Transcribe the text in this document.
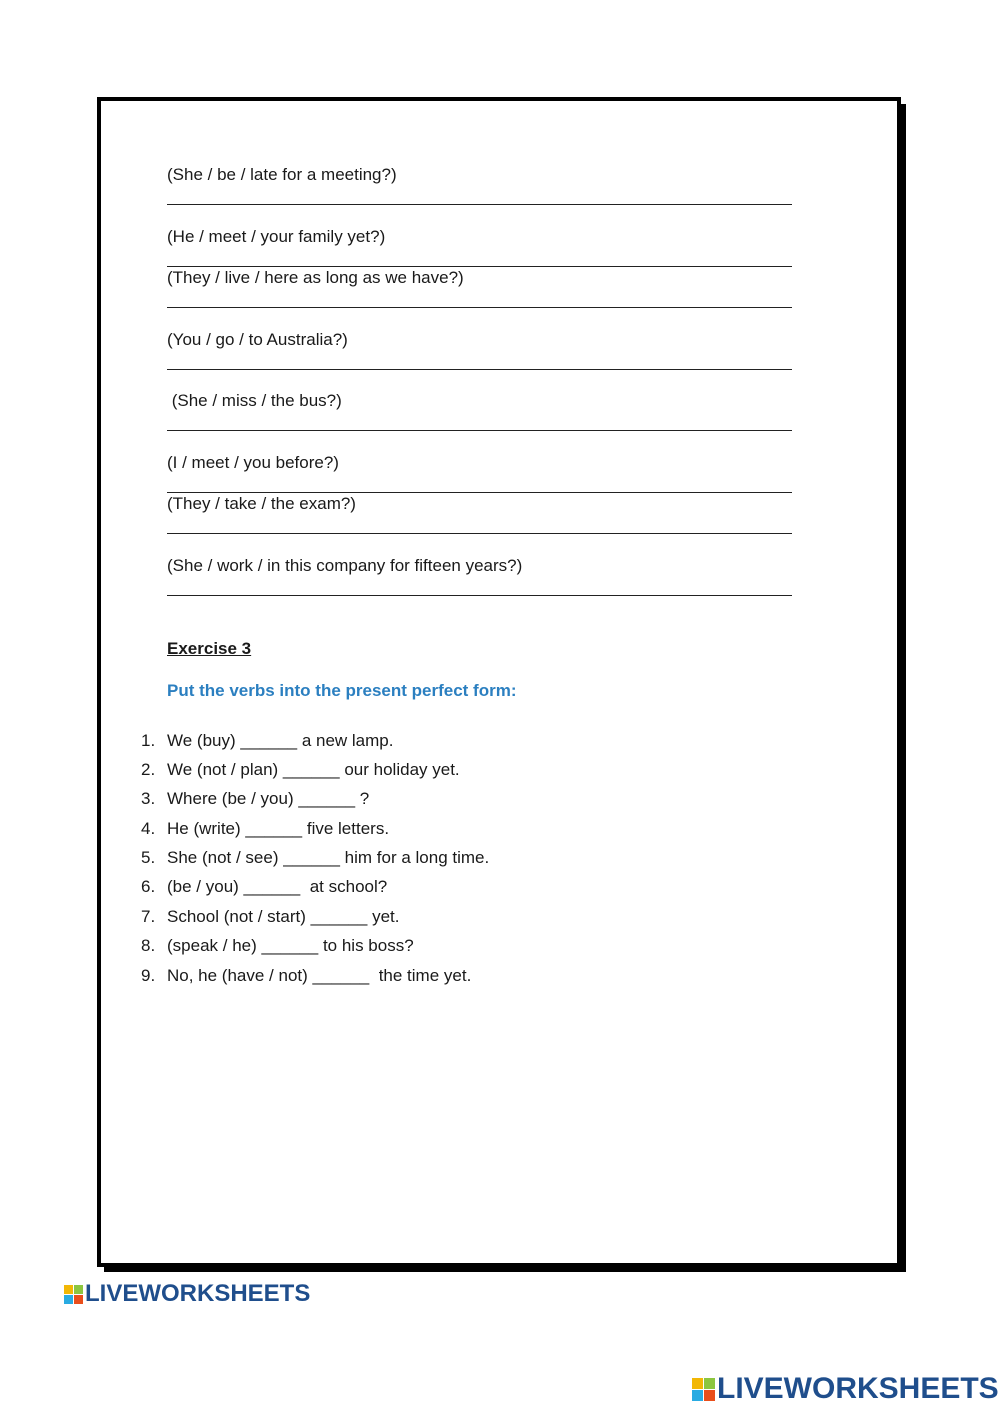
(She / be / late for a meeting?)
(He / meet / your family yet?)
(They / live / here as long as we have?)
(You / go / to Australia?)
(She / miss / the bus?)
(I / meet / you before?)
(They / take / the exam?)
(She / work / in this company for fifteen years?)
Exercise 3
Put the verbs into the present perfect form:
1. We (buy) ______ a new lamp.
2. We (not / plan) ______ our holiday yet.
3. Where (be / you) ______ ?
4. He (write) ______ five letters.
5. She (not / see) ______ him for a long time.
6. (be / you) ______  at school?
7. School (not / start) ______ yet.
8. (speak / he) ______ to his boss?
9. No, he (have / not) ______  the time yet.
LIVEWORKSHEETS
LIVEWORKSHEETS
